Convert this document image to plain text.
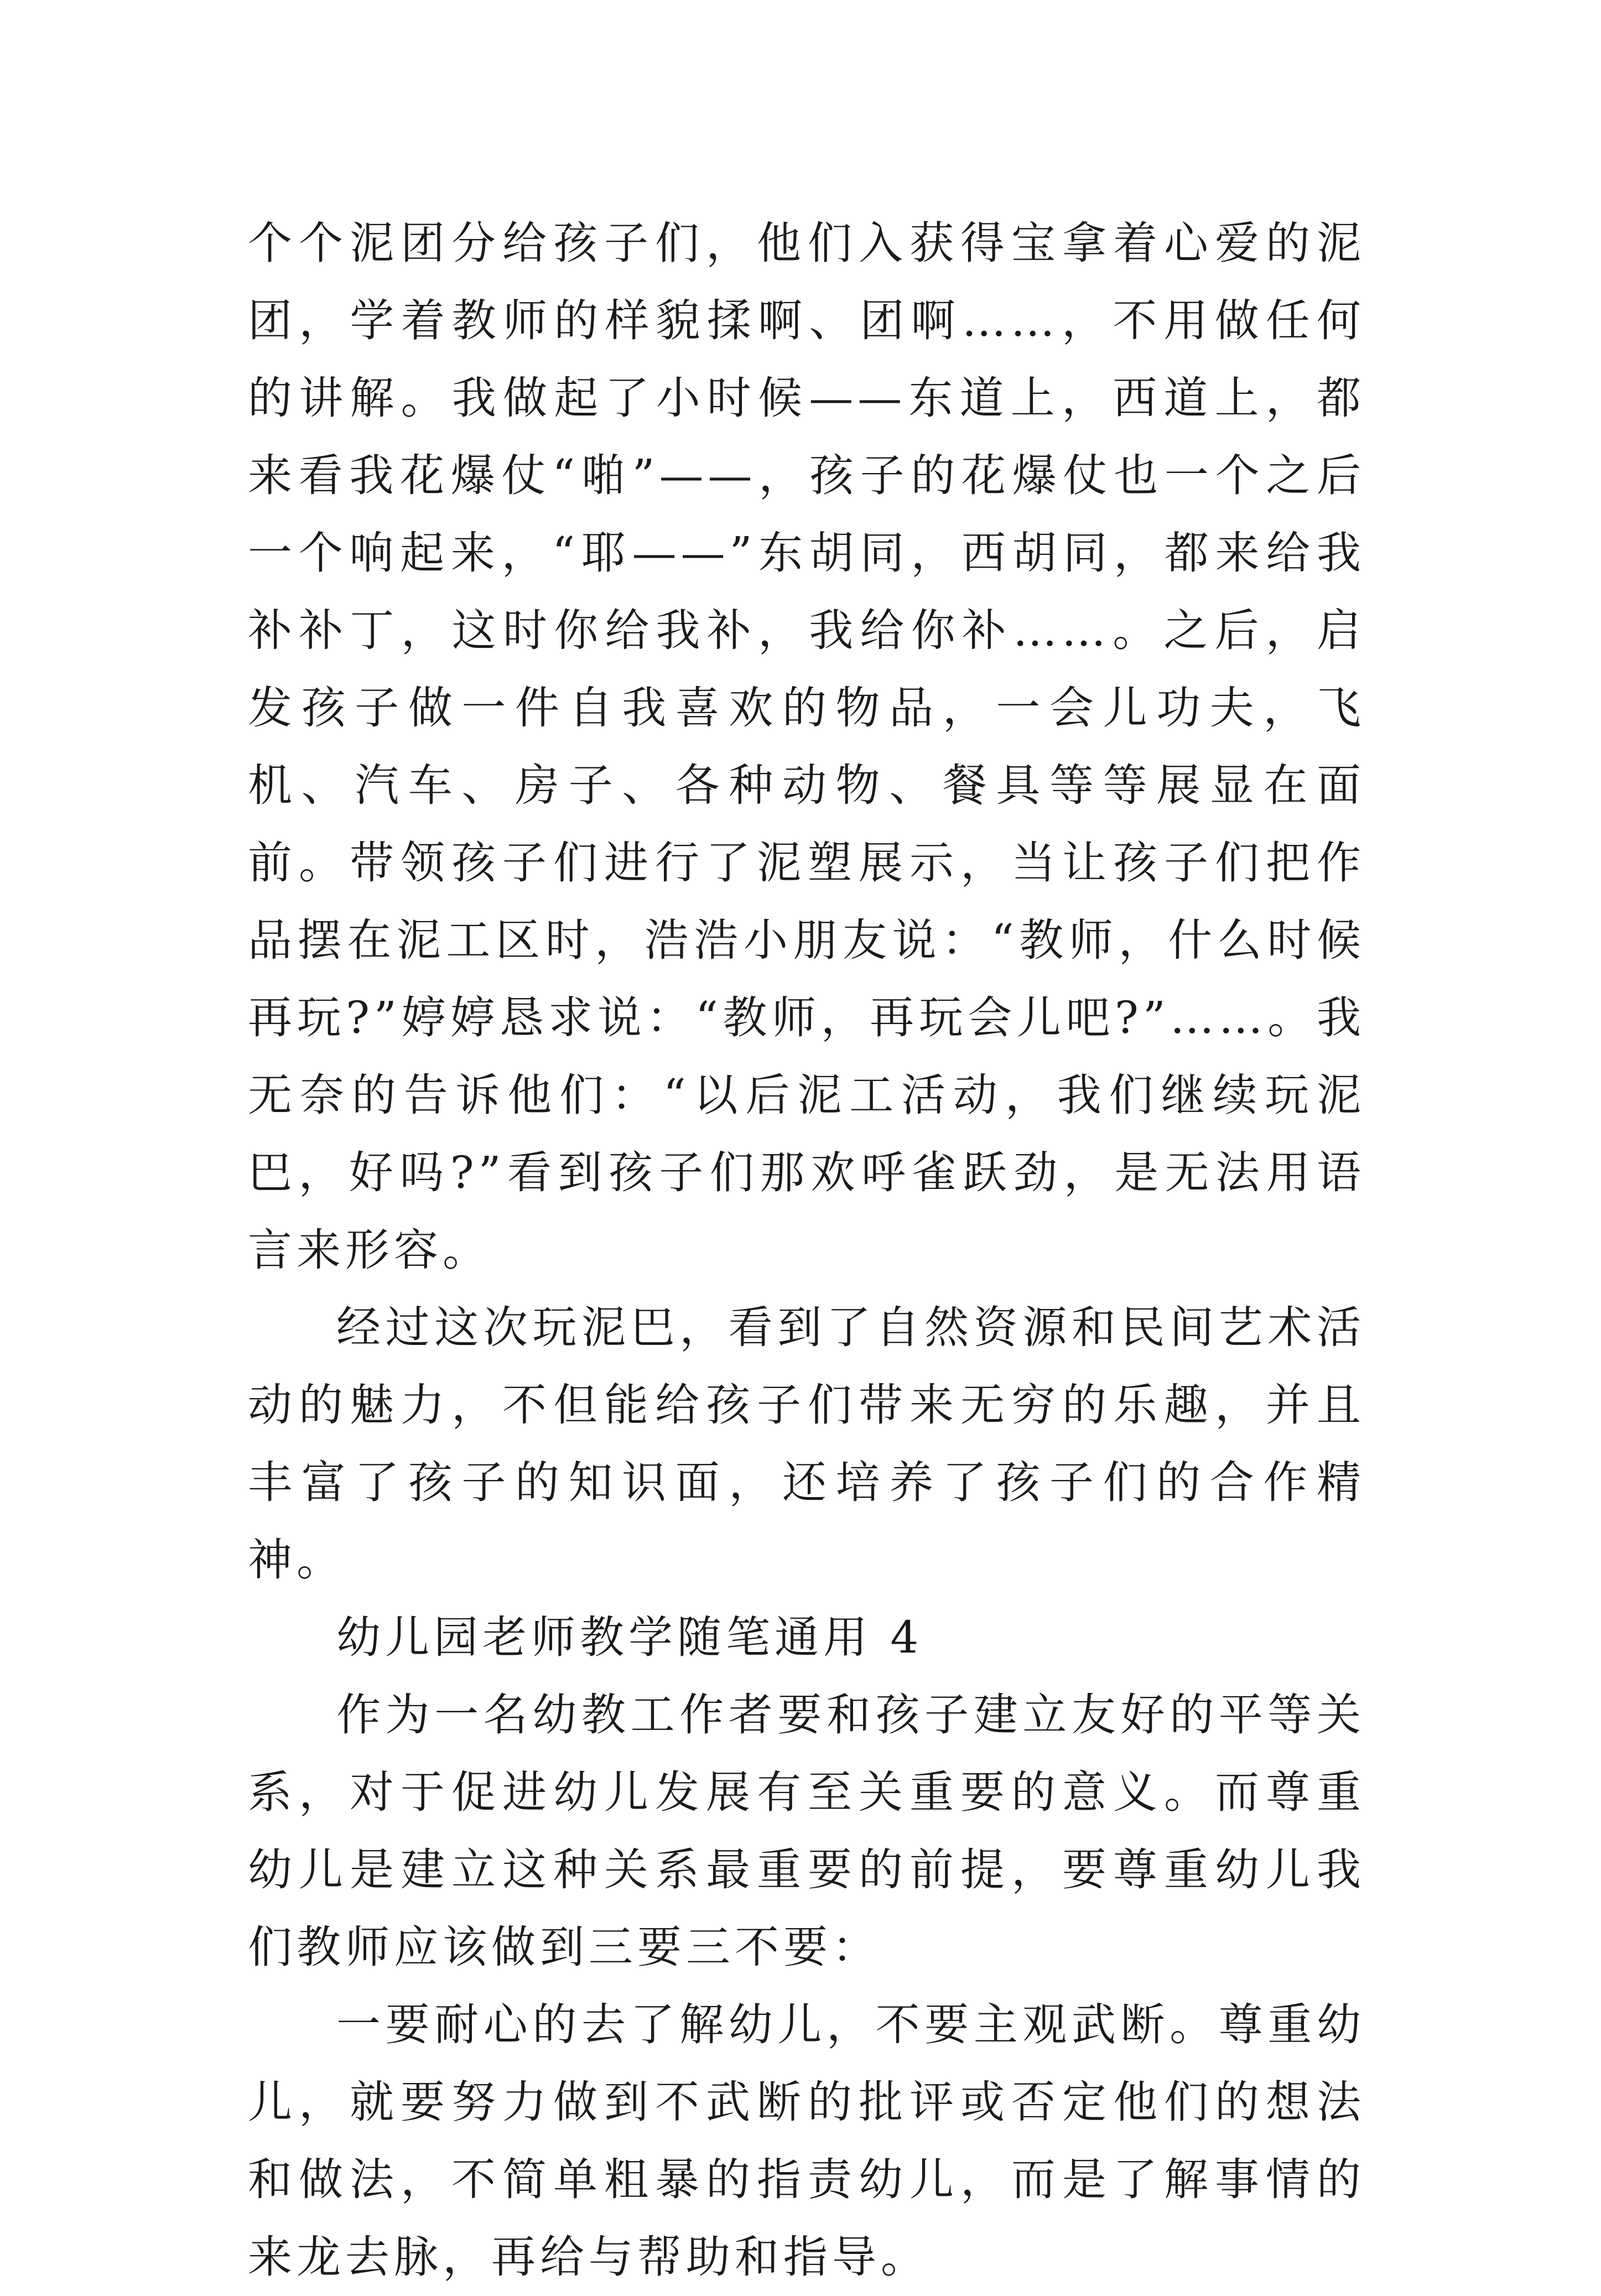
个个泥团分给孩子们，他们入获得宝拿着心爱的泥团，学着教师的样貌揉啊、团啊……，不用做任何的讲解。我做起了小时候——东道上，西道上，都来看我花爆仗“啪”——，孩子的花爆仗也一个之后一个响起来，“耶——”东胡同，西胡同，都来给我补补丁，这时你给我补，我给你补……。之后，启发孩子做一件自我喜欢的物品，一会儿功夫，飞机、汽车、房子、各种动物、餐具等等展显在面前。带领孩子们进行了泥塑展示，当让孩子们把作品摆在泥工区时，浩浩小朋友说：“教师，什么时候再玩?”婷婷恳求说：“教师，再玩会儿吧?”……。我无奈的告诉他们：“以后泥工活动，我们继续玩泥巴，好吗?”看到孩子们那欢呼雀跃劲，是无法用语言来形容。

经过这次玩泥巴，看到了自然资源和民间艺术活动的魅力，不但能给孩子们带来无穷的乐趣，并且丰富了孩子的知识面，还培养了孩子们的合作精神。

幼儿园老师教学随笔通用 4

作为一名幼教工作者要和孩子建立友好的平等关系，对于促进幼儿发展有至关重要的意义。而尊重幼儿是建立这种关系最重要的前提，要尊重幼儿我们教师应该做到三要三不要：

一要耐心的去了解幼儿，不要主观武断。尊重幼儿，就要努力做到不武断的批评或否定他们的想法和做法，不简单粗暴的指责幼儿，而是了解事情的来龙去脉，再给与帮助和指导。
